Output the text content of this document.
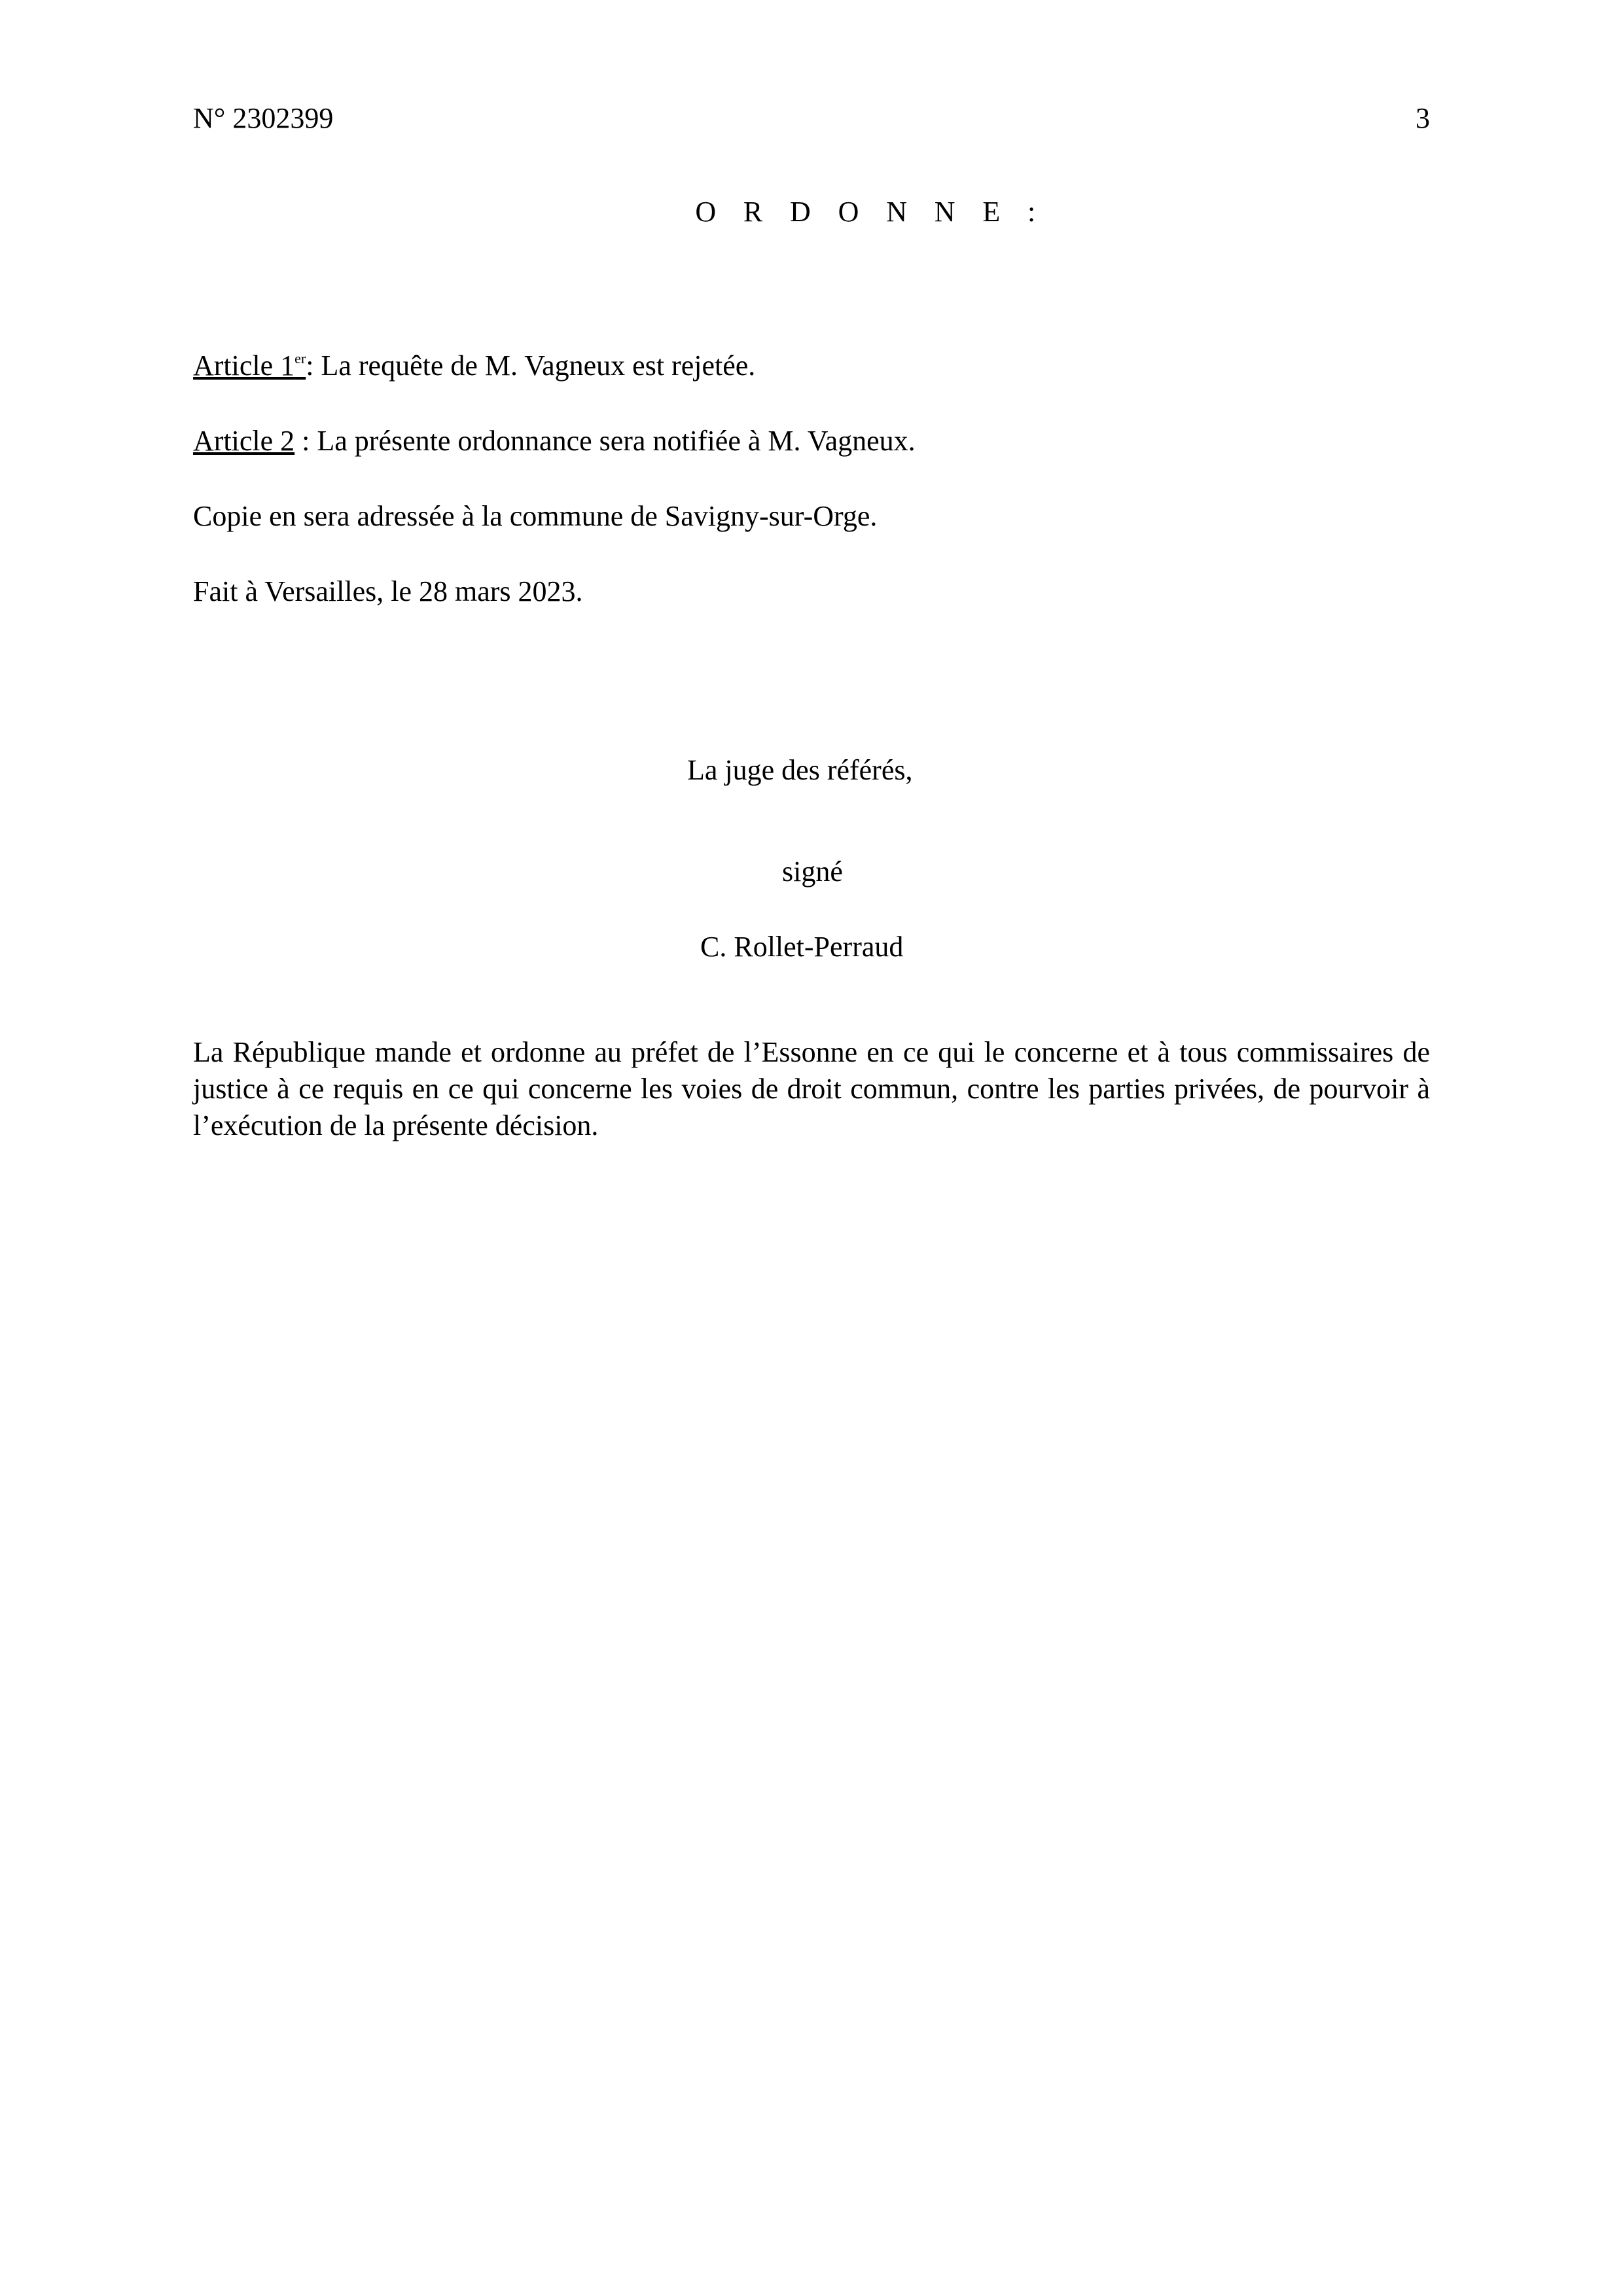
N° 2302399	3

O R D O N N E :

Article 1er: La requête de M. Vagneux est rejetée.

Article 2 : La présente ordonnance sera notifiée à M. Vagneux.

Copie en sera adressée à la commune de Savigny-sur-Orge.

Fait à Versailles, le 28 mars 2023.

La juge des référés,

signé

C. Rollet-Perraud

La République mande et ordonne au préfet de l’Essonne en ce qui le concerne et à tous commissaires de justice à ce requis en ce qui concerne les voies de droit commun, contre les parties privées, de pourvoir à l’exécution de la présente décision.
